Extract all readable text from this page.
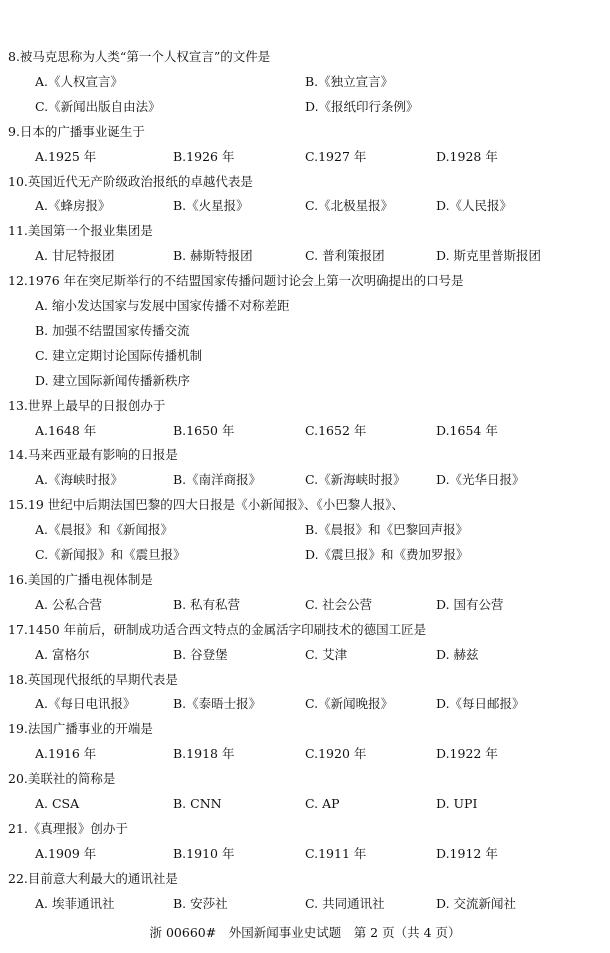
8.被马克思称为人类“第一个人权宣言”的文件是
A.《人权宣言》	B.《独立宣言》
C.《新闻出版自由法》	D.《报纸印行条例》
9.日本的广播事业诞生于
A.1925 年	B.1926 年	C.1927 年	D.1928 年
10.英国近代无产阶级政治报纸的卓越代表是
A.《蜂房报》	B.《火星报》	C.《北极星报》	D.《人民报》
11.美国第一个报业集团是
A. 甘尼特报团	B. 赫斯特报团	C. 普利策报团	D. 斯克里普斯报团
12.1976 年在突尼斯举行的不结盟国家传播问题讨论会上第一次明确提出的口号是
A. 缩小发达国家与发展中国家传播不对称差距
B. 加强不结盟国家传播交流
C. 建立定期讨论国际传播机制
D. 建立国际新闻传播新秩序
13.世界上最早的日报创办于
A.1648 年	B.1650 年	C.1652 年	D.1654 年
14.马来西亚最有影响的日报是
A.《海峡时报》	B.《南洋商报》	C.《新海峡时报》 D.《光华日报》
15.19 世纪中后期法国巴黎的四大日报是《小新闻报》、《小巴黎人报》、
A.《晨报》和《新闻报》	B.《晨报》和《巴黎回声报》
C.《新闻报》和《震旦报》	D.《震旦报》和《费加罗报》
16.美国的广播电视体制是
A. 公私合营	B. 私有私营	C. 社会公营	D. 国有公营
17.1450 年前后，研制成功适合西文特点的金属活字印刷技术的德国工匠是
A. 富格尔	B. 谷登堡	C. 艾津	D. 赫兹
18.英国现代报纸的早期代表是
A.《每日电讯报》	B.《泰晤士报》	C.《新闻晚报》	D.《每日邮报》
19.法国广播事业的开端是
A.1916 年	B.1918 年	C.1920 年	D.1922 年
20.美联社的简称是
A. CSA	B. CNN	C. AP	D. UPI
21.《真理报》创办于
A.1909 年	B.1910 年	C.1911 年	D.1912 年
22.目前意大利最大的通讯社是
A. 埃菲通讯社	B. 安莎社	C. 共同通讯社	D. 交流新闻社
浙 00660#　外国新闻事业史试题　第 2 页（共 4 页）
